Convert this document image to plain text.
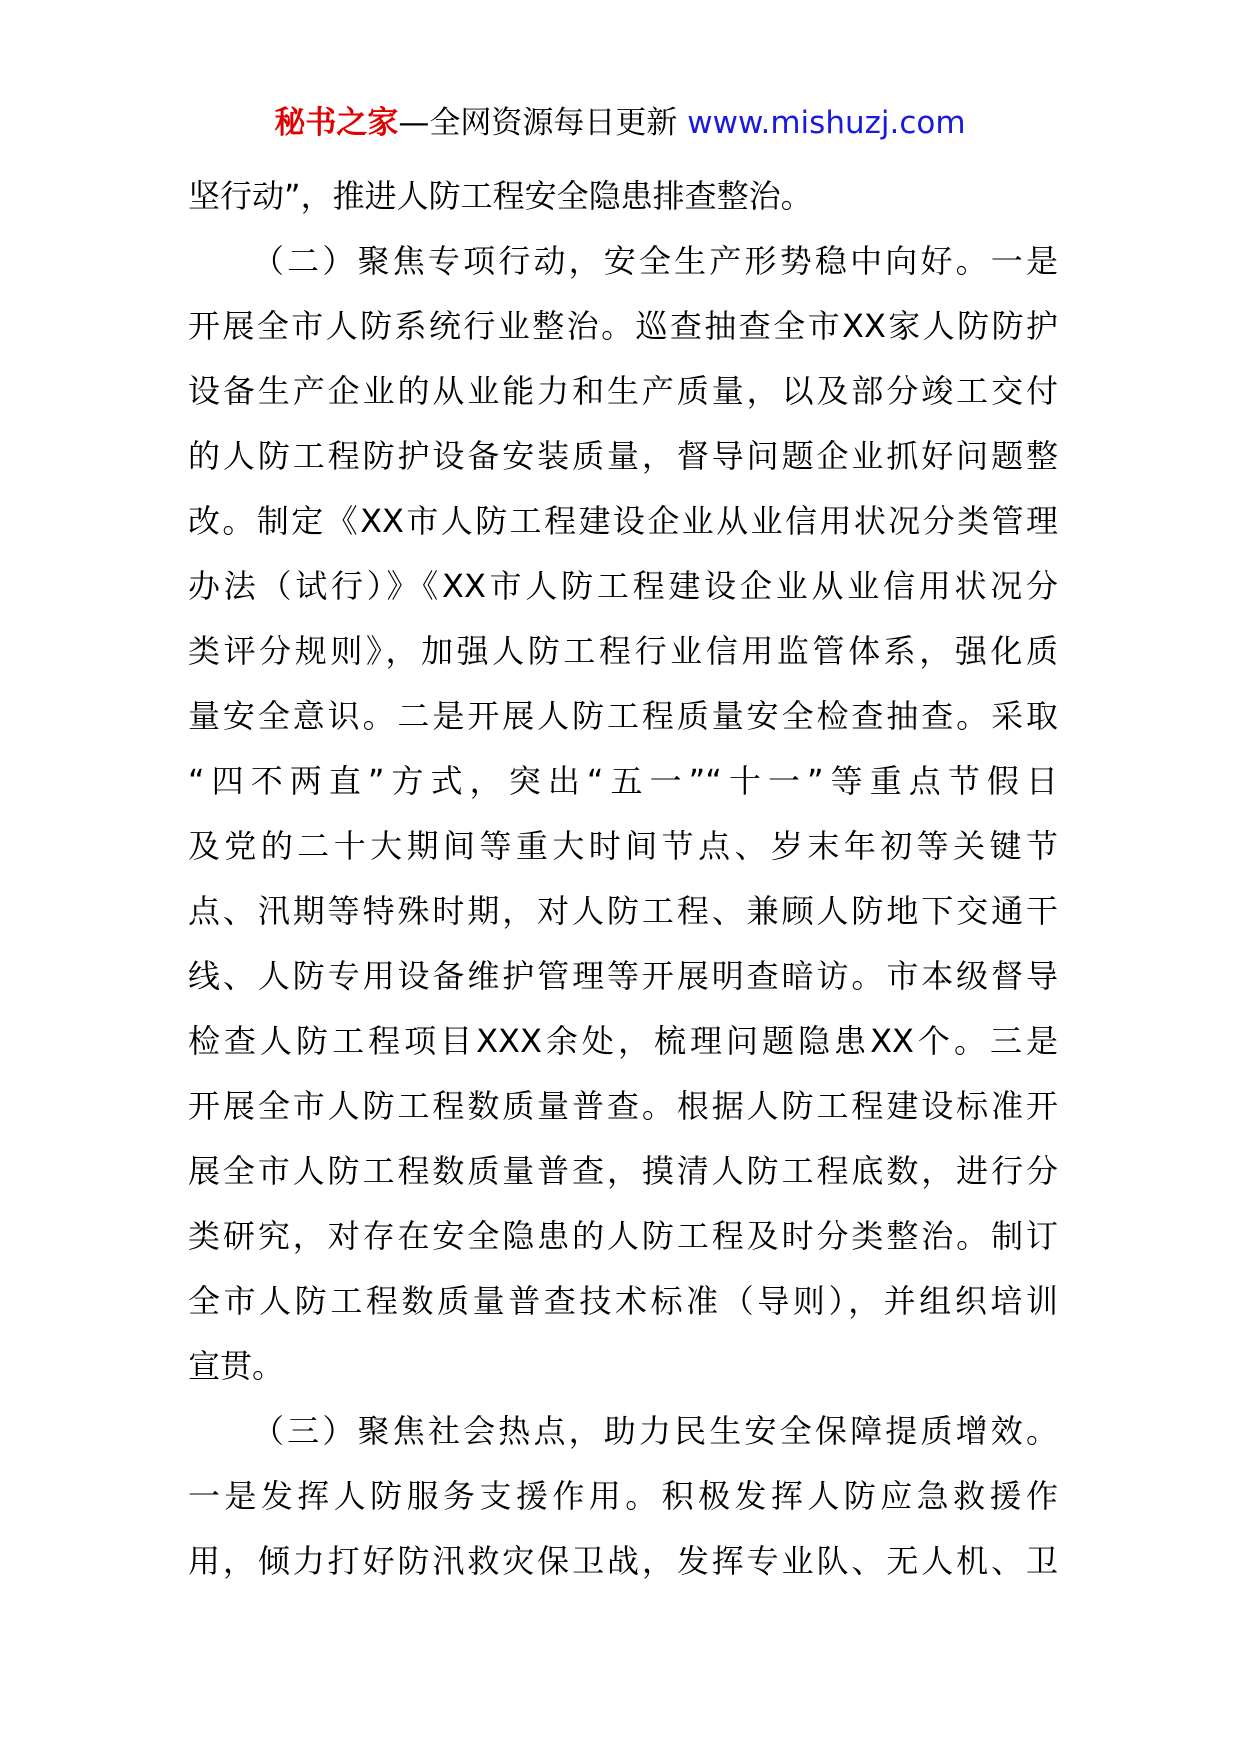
秘书之家—全网资源每日更新 www.mishuzj.com
坚行动”，推进人防工程安全隐患排查整治。
（二）聚焦专项行动，安全生产形势稳中向好。一是
开展全市人防系统行业整治。巡查抽查全市XX家人防防护
设备生产企业的从业能力和生产质量，以及部分竣工交付
的人防工程防护设备安装质量，督导问题企业抓好问题整
改。制定《XX市人防工程建设企业从业信用状况分类管理
办法（试行）》《XX市人防工程建设企业从业信用状况分
类评分规则》，加强人防工程行业信用监管体系，强化质
量安全意识。二是开展人防工程质量安全检查抽查。采取
“四不两直”方式，突出“五一”“十一”等重点节假日
及党的二十大期间等重大时间节点、岁末年初等关键节
点、汛期等特殊时期，对人防工程、兼顾人防地下交通干
线、人防专用设备维护管理等开展明查暗访。市本级督导
检查人防工程项目XXX余处，梳理问题隐患XX个。三是
开展全市人防工程数质量普查。根据人防工程建设标准开
展全市人防工程数质量普查，摸清人防工程底数，进行分
类研究，对存在安全隐患的人防工程及时分类整治。制订
全市人防工程数质量普查技术标准（导则），并组织培训
宣贯。
（三）聚焦社会热点，助力民生安全保障提质增效。
一是发挥人防服务支援作用。积极发挥人防应急救援作
用，倾力打好防汛救灾保卫战，发挥专业队、无人机、卫
